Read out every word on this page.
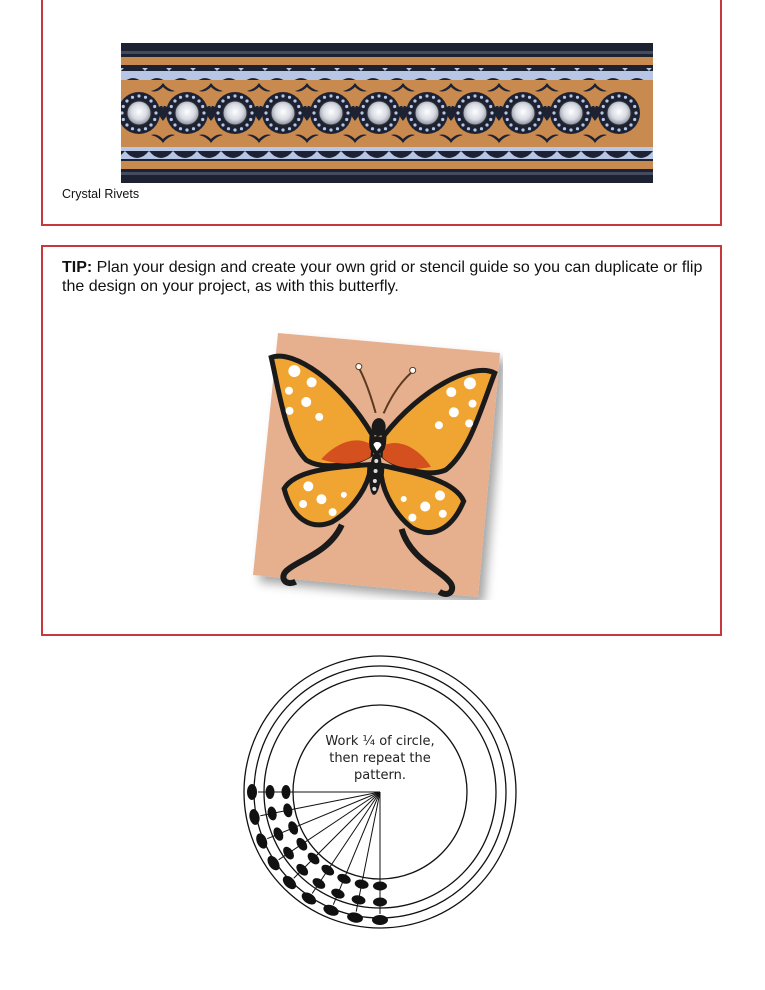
Crystal Rivets

TIP: Plan your design and create your own grid or stencil guide so you can duplicate or flip the design on your project, as with this butterfly.

Work ¼ of circle,
then repeat the
pattern.
